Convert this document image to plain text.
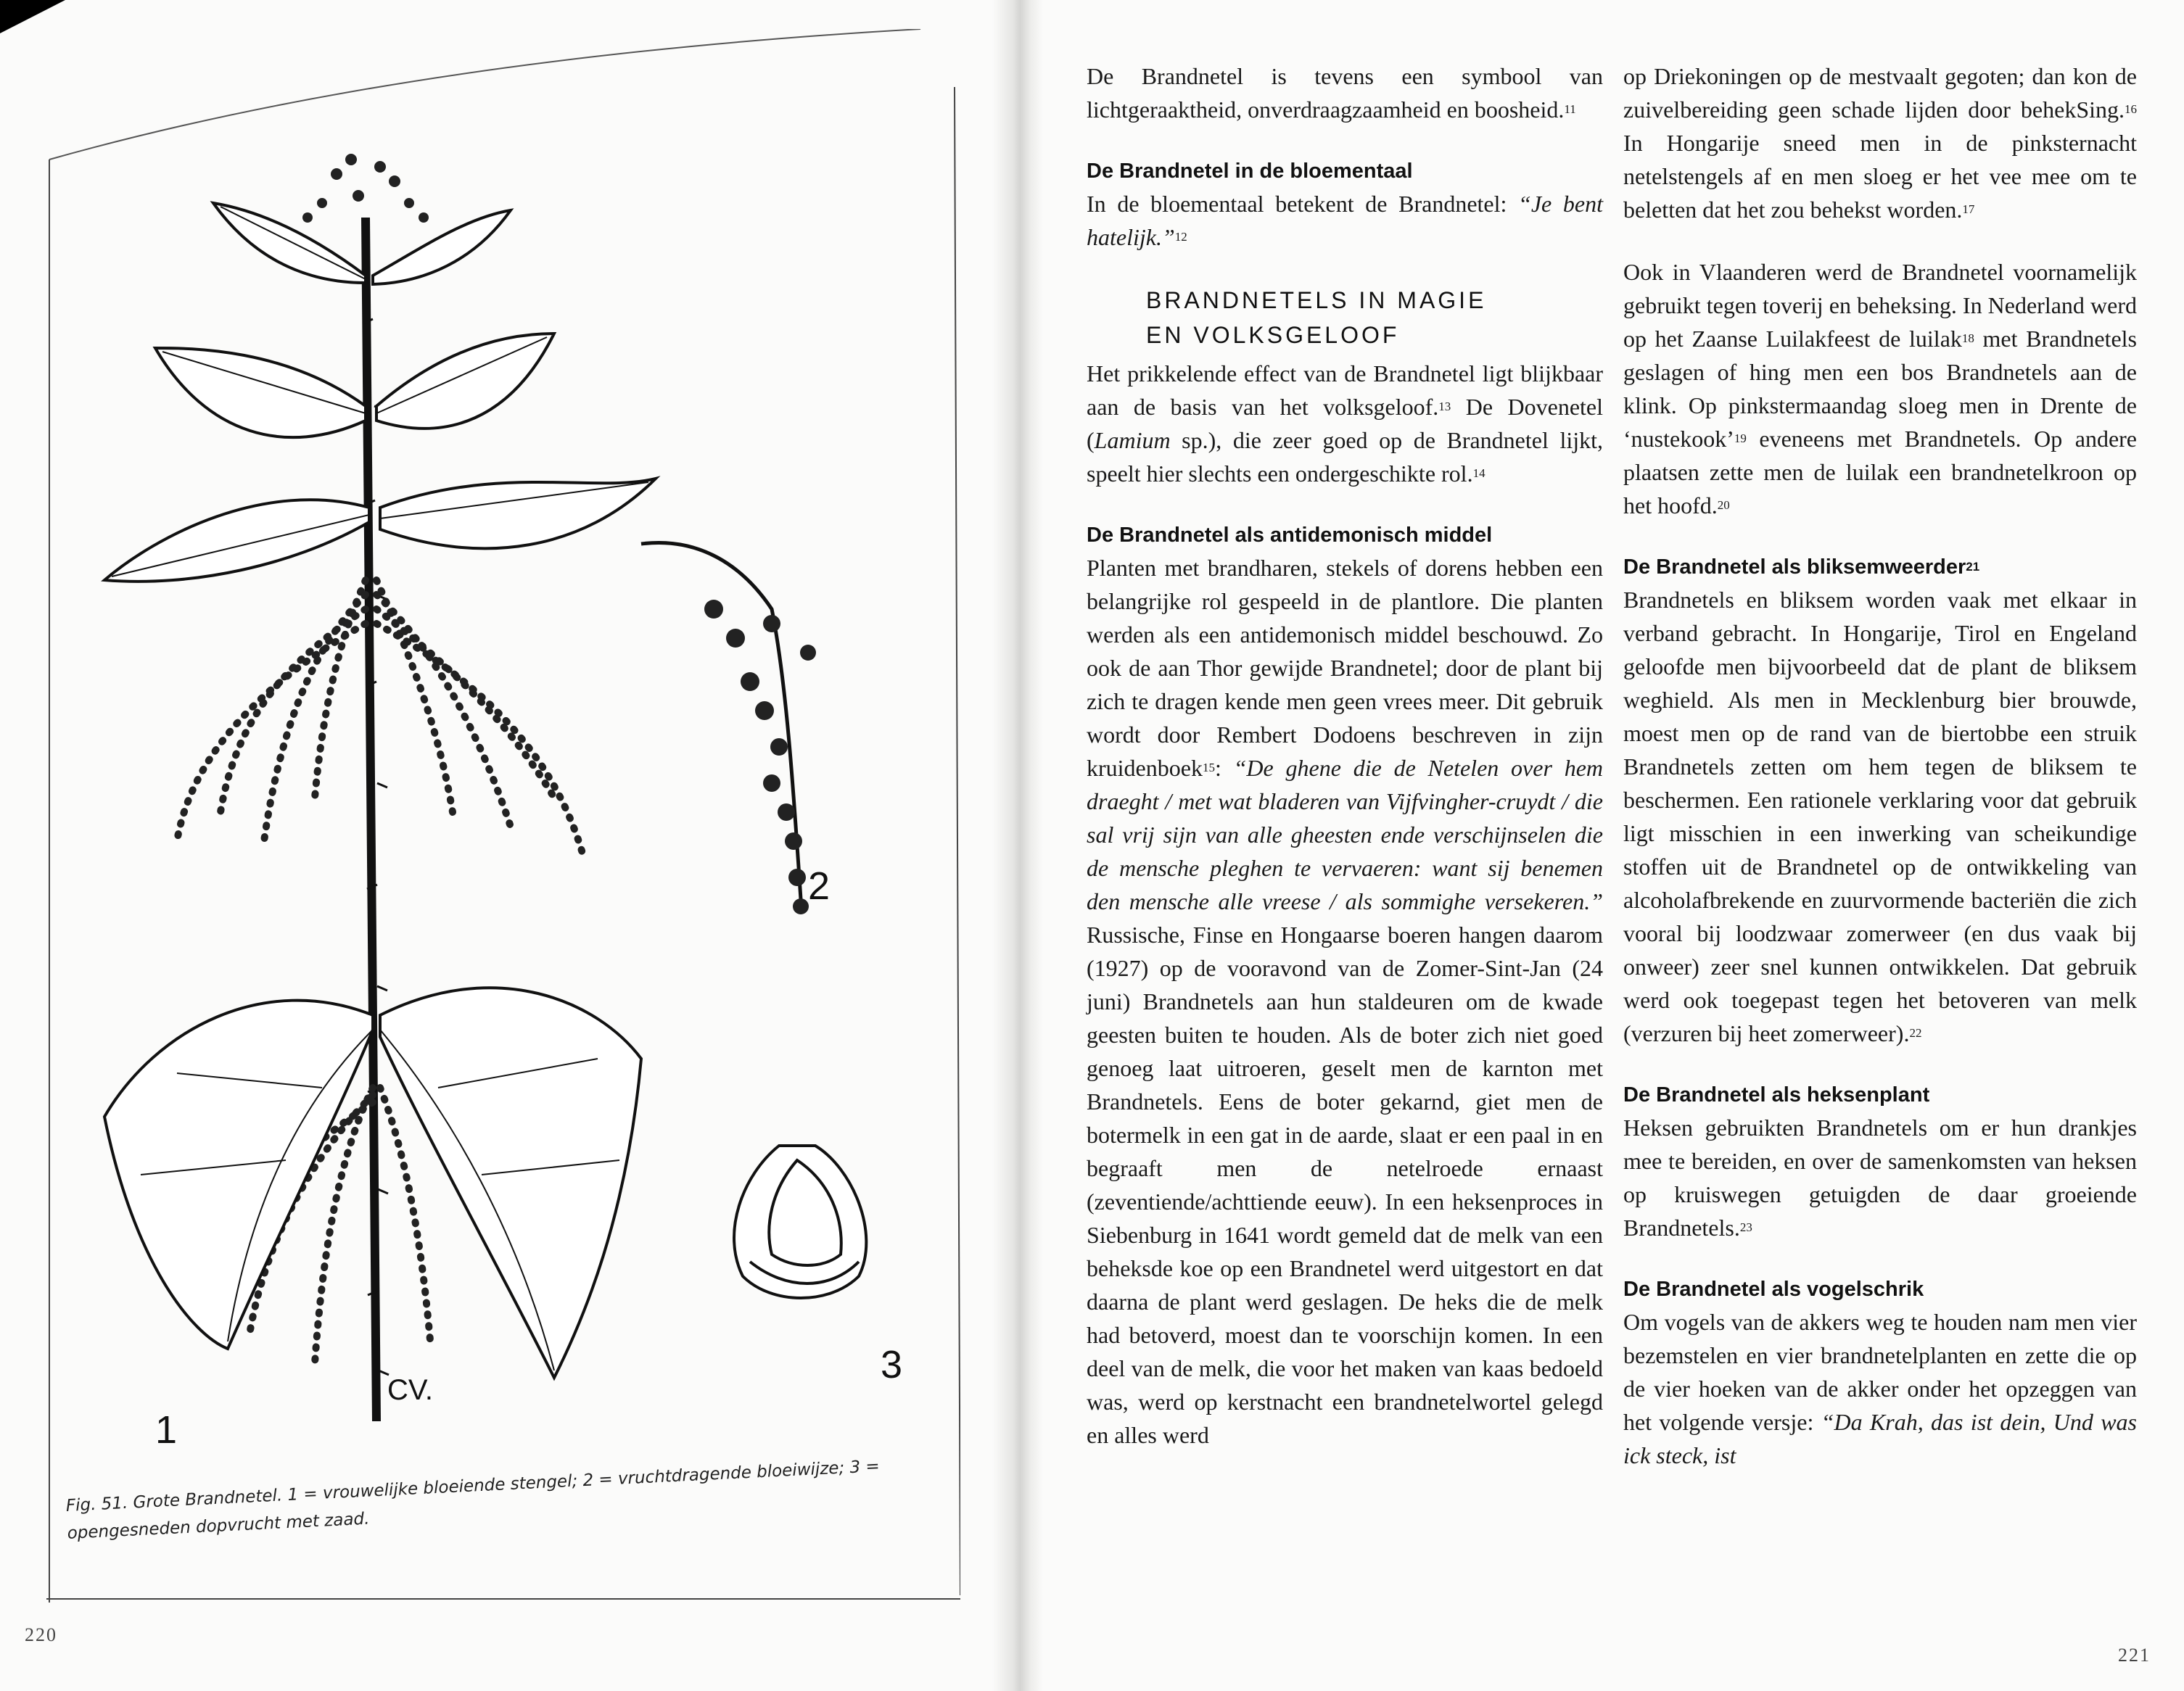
1
CV.
2
3
Fig. 51. Grote Brandnetel. 1 = vrouwelijke bloeiende stengel; 2 = vruchtdragende bloeiwijze; 3 = opengesneden dopvrucht met zaad.
220

De Brandnetel is tevens een symbool van lichtgeraaktheid, onverdraagzaamheid en boosheid.$^{11}$

De Brandnetel in de bloementaal

In de bloementaal betekent de Brandnetel: “Je bent hatelijk.”$^{12}$

BRANDNETELS IN MAGIE

EN VOLKSGELOOF

Het prikkelende effect van de Brandnetel ligt blijkbaar aan de basis van het volksgeloof.$^{13}$ De Dovenetel (Lamium sp.), die zeer goed op de Brandnetel lijkt, speelt hier slechts een ondergeschikte rol.$^{14}$

De Brandnetel als antidemonisch middel

Planten met brandharen, stekels of dorens hebben een belangrijke rol gespeeld in de plantlore. Die planten werden als een antidemonisch middel beschouwd. Zo ook de aan Thor gewijde Brandnetel; door de plant bij zich te dragen kende men geen vrees meer. Dit gebruik wordt door Rembert Dodoens beschreven in zijn kruidenboek$^{15}$: “De ghene die de Netelen over hem draeght / met wat bladeren van Vijfvingher-cruydt / die sal vrij sijn van alle gheesten ende verschijnselen die de mensche pleghen te vervaeren: want sij benemen den mensche alle vreese / als sommighe versekeren.” Russische, Finse en Hongaarse boeren hangen daarom (1927) op de vooravond van de Zomer-Sint-Jan (24 juni) Brandnetels aan hun staldeuren om de kwade geesten buiten te houden. Als de boter zich niet goed genoeg laat uitroeren, geselt men de karnton met Brandnetels. Eens de boter gekarnd, giet men de botermelk in een gat in de aarde, slaat er een paal in en begraaft men de netelroede ernaast (zeventiende/achttiende eeuw). In een heksenproces in Siebenburg in 1641 wordt gemeld dat de melk van een beheksde koe op een Brandnetel werd uitgestort en dat daarna de plant werd geslagen. De heks die de melk had betoverd, moest dan te voorschijn komen. In een deel van de melk, die voor het maken van kaas bedoeld was, werd op kerstnacht een brandnetelwortel gelegd en alles werd

op Driekoningen op de mestvaalt gegoten; dan kon de zuivelbereiding geen schade lijden door behekSing.$^{16}$ In Hongarije sneed men in de pinksternacht netelstengels af en men sloeg er het vee mee om te beletten dat het zou behekst worden.$^{17}$

Ook in Vlaanderen werd de Brandnetel voornamelijk gebruikt tegen toverij en beheksing. In Nederland werd op het Zaanse Luilakfeest de luilak$^{18}$ met Brandnetels geslagen of hing men een bos Brandnetels aan de klink. Op pinkstermaandag sloeg men in Drente de ‘nustekook’$^{19}$ eveneens met Brandnetels. Op andere plaatsen zette men de luilak een brandnetelkroon op het hoofd.$^{20}$

De Brandnetel als bliksemweerder$^{21}$

Brandnetels en bliksem worden vaak met elkaar in verband gebracht. In Hongarije, Tirol en Engeland geloofde men bijvoorbeeld dat de plant de bliksem weghield. Als men in Mecklenburg bier brouwde, moest men op de rand van de biertobbe een struik Brandnetels zetten om hem tegen de bliksem te beschermen. Een rationele verklaring voor dat gebruik ligt misschien in een inwerking van scheikundige stoffen uit de Brandnetel op de ontwikkeling van alcoholafbrekende en zuurvormende bacteriën die zich vooral bij loodzwaar zomerweer (en dus vaak bij onweer) zeer snel kunnen ontwikkelen. Dat gebruik werd ook toegepast tegen het betoveren van melk (verzuren bij heet zomerweer).$^{22}$

De Brandnetel als heksenplant

Heksen gebruikten Brandnetels om er hun drankjes mee te bereiden, en over de samenkomsten van heksen op kruiswegen getuigden de daar groeiende Brandnetels.$^{23}$

De Brandnetel als vogelschrik

Om vogels van de akkers weg te houden nam men vier bezemstelen en vier brandnetelplanten en zette die op de vier hoeken van de akker onder het opzeggen van het volgende versje: “Da Krah, das ist dein, Und was ick steck, ist

221
